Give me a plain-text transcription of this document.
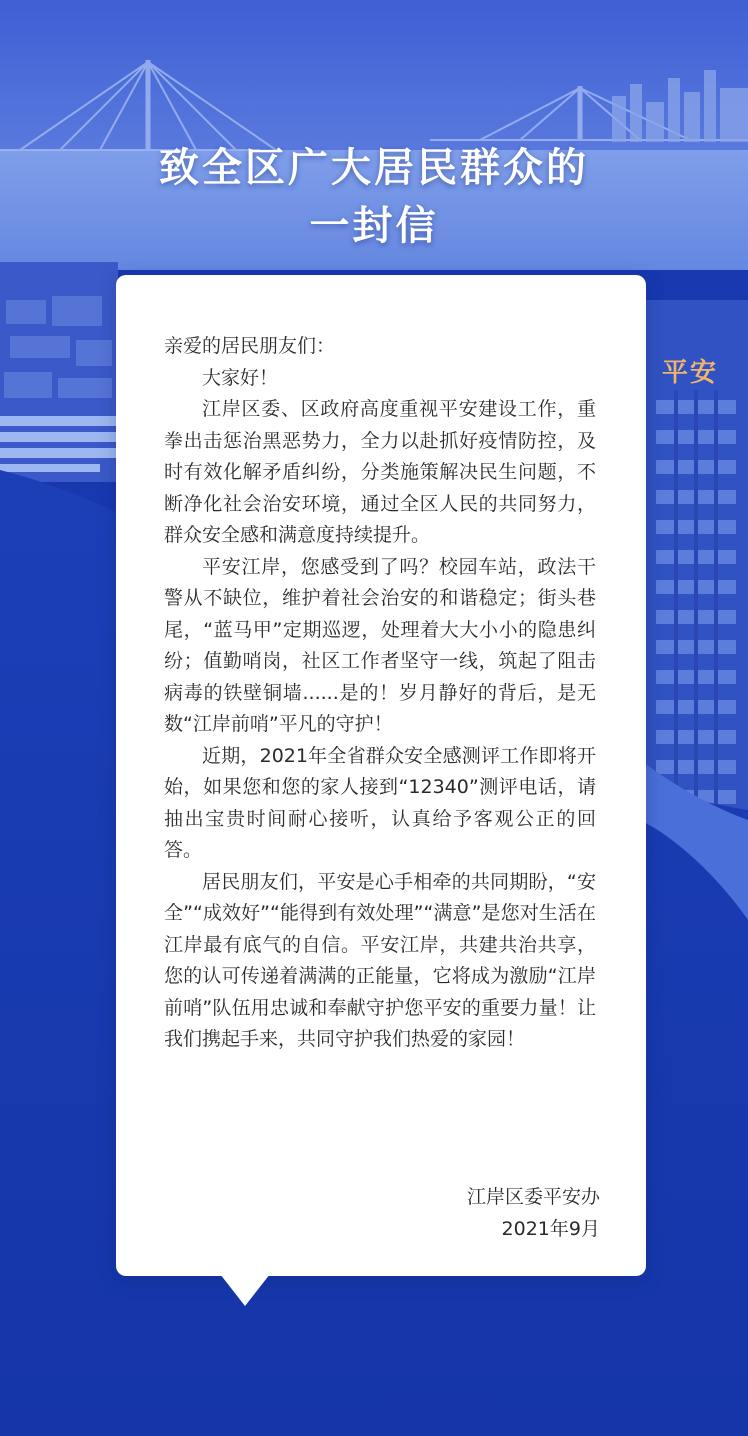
平安
致全区广大居民群众的
一封信

亲爱的居民朋友们：

大家好！

江岸区委、区政府高度重视平安建设工作，重拳出击惩治黑恶势力，全力以赴抓好疫情防控，及时有效化解矛盾纠纷，分类施策解决民生问题，不断净化社会治安环境，通过全区人民的共同努力，群众安全感和满意度持续提升。

平安江岸，您感受到了吗？校园车站，政法干警从不缺位，维护着社会治安的和谐稳定；街头巷尾，“蓝马甲”定期巡逻，处理着大大小小的隐患纠纷；值勤哨岗，社区工作者坚守一线，筑起了阻击病毒的铁壁铜墙......是的！岁月静好的背后，是无数“江岸前哨”平凡的守护！

近期，2021年全省群众安全感测评工作即将开始，如果您和您的家人接到“12340”测评电话，请抽出宝贵时间耐心接听，认真给予客观公正的回答。

居民朋友们，平安是心手相牵的共同期盼，“安全”“成效好”“能得到有效处理”“满意”是您对生活在江岸最有底气的自信。平安江岸，共建共治共享，您的认可传递着满满的正能量，它将成为激励“江岸前哨”队伍用忠诚和奉献守护您平安的重要力量！让我们携起手来，共同守护我们热爱的家园！

江岸区委平安办
2021年9月
